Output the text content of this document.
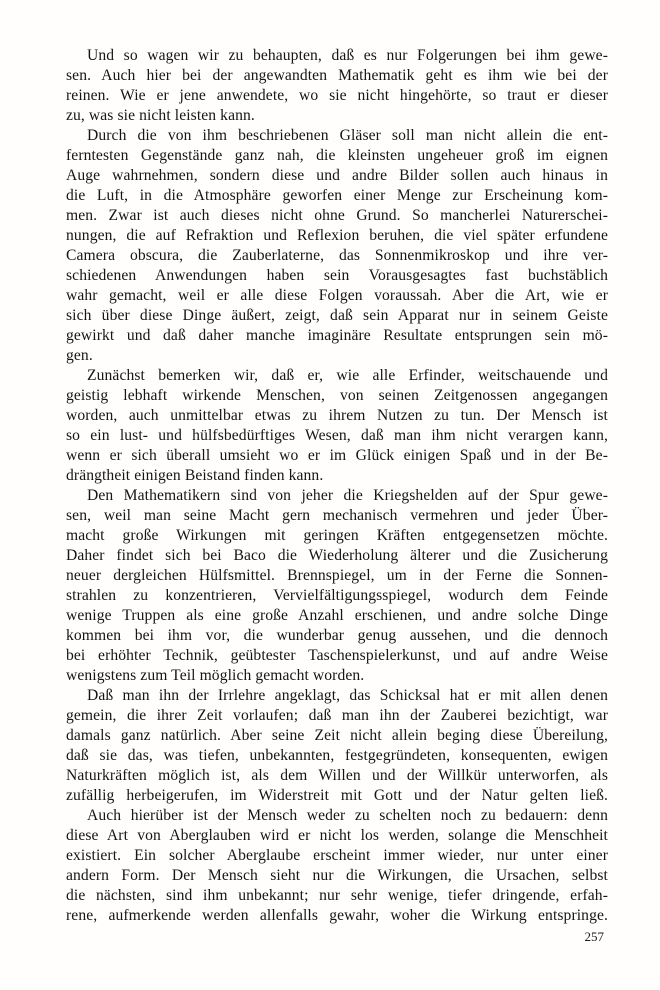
Und so wagen wir zu behaupten, daß es nur Folgerungen bei ihm gewe-
sen. Auch hier bei der angewandten Mathematik geht es ihm wie bei der
reinen. Wie er jene anwendete, wo sie nicht hingehörte, so traut er dieser
zu, was sie nicht leisten kann.
Durch die von ihm beschriebenen Gläser soll man nicht allein die ent-
ferntesten Gegenstände ganz nah, die kleinsten ungeheuer groß im eignen
Auge wahrnehmen, sondern diese und andre Bilder sollen auch hinaus in
die Luft, in die Atmosphäre geworfen einer Menge zur Erscheinung kom-
men. Zwar ist auch dieses nicht ohne Grund. So mancherlei Naturerschei-
nungen, die auf Refraktion und Reflexion beruhen, die viel später erfundene
Camera obscura, die Zauberlaterne, das Sonnenmikroskop und ihre ver-
schiedenen Anwendungen haben sein Vorausgesagtes fast buchstäblich
wahr gemacht, weil er alle diese Folgen voraussah. Aber die Art, wie er
sich über diese Dinge äußert, zeigt, daß sein Apparat nur in seinem Geiste
gewirkt und daß daher manche imaginäre Resultate entsprungen sein mö-
gen.
Zunächst bemerken wir, daß er, wie alle Erfinder, weitschauende und
geistig lebhaft wirkende Menschen, von seinen Zeitgenossen angegangen
worden, auch unmittelbar etwas zu ihrem Nutzen zu tun. Der Mensch ist
so ein lust- und hülfsbedürftiges Wesen, daß man ihm nicht verargen kann,
wenn er sich überall umsieht wo er im Glück einigen Spaß und in der Be-
drängtheit einigen Beistand finden kann.
Den Mathematikern sind von jeher die Kriegshelden auf der Spur gewe-
sen, weil man seine Macht gern mechanisch vermehren und jeder Über-
macht große Wirkungen mit geringen Kräften entgegensetzen möchte.
Daher findet sich bei Baco die Wiederholung älterer und die Zusicherung
neuer dergleichen Hülfsmittel. Brennspiegel, um in der Ferne die Sonnen-
strahlen zu konzentrieren, Vervielfältigungsspiegel, wodurch dem Feinde
wenige Truppen als eine große Anzahl erschienen, und andre solche Dinge
kommen bei ihm vor, die wunderbar genug aussehen, und die dennoch
bei erhöhter Technik, geübtester Taschenspielerkunst, und auf andre Weise
wenigstens zum Teil möglich gemacht worden.
Daß man ihn der Irrlehre angeklagt, das Schicksal hat er mit allen denen
gemein, die ihrer Zeit vorlaufen; daß man ihn der Zauberei bezichtigt, war
damals ganz natürlich. Aber seine Zeit nicht allein beging diese Übereilung,
daß sie das, was tiefen, unbekannten, festgegründeten, konsequenten, ewigen
Naturkräften möglich ist, als dem Willen und der Willkür unterworfen, als
zufällig herbeigerufen, im Widerstreit mit Gott und der Natur gelten ließ.
Auch hierüber ist der Mensch weder zu schelten noch zu bedauern: denn
diese Art von Aberglauben wird er nicht los werden, solange die Menschheit
existiert. Ein solcher Aberglaube erscheint immer wieder, nur unter einer
andern Form. Der Mensch sieht nur die Wirkungen, die Ursachen, selbst
die nächsten, sind ihm unbekannt; nur sehr wenige, tiefer dringende, erfah-
rene, aufmerkende werden allenfalls gewahr, woher die Wirkung entspringe.
257
